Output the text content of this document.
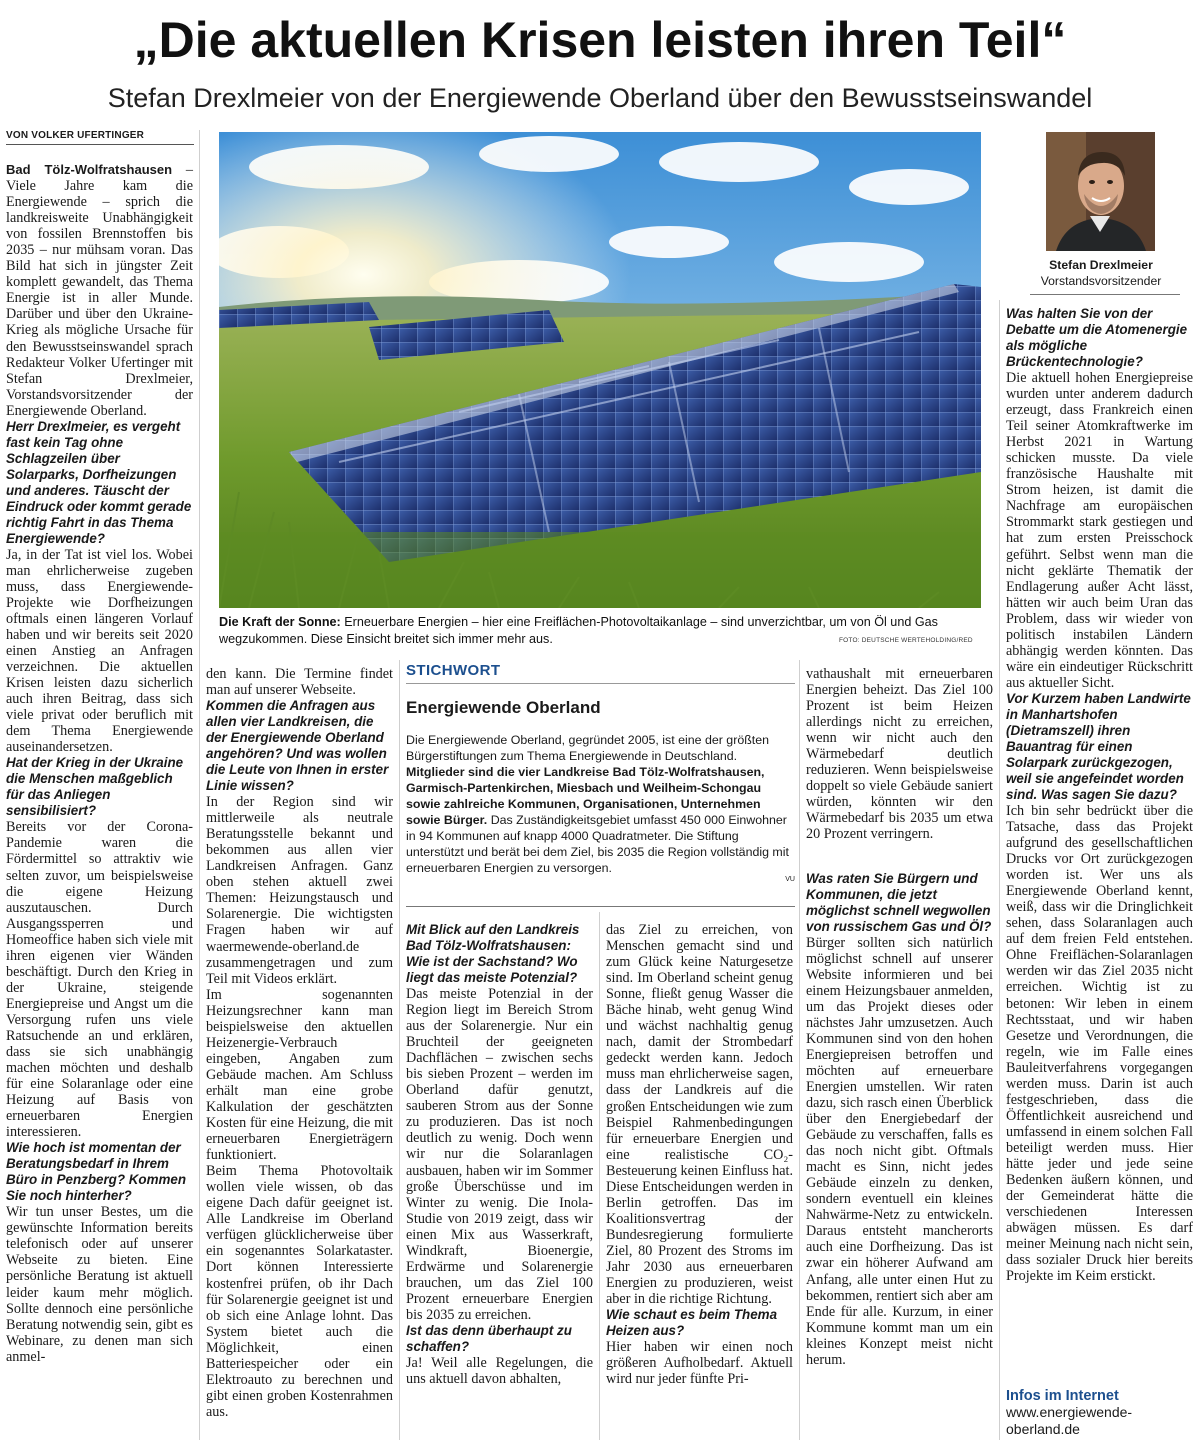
„Die aktuellen Krisen leisten ihren Teil“
Stefan Drexlmeier von der Energiewende Oberland über den Bewusstseinswandel
VON VOLKER UFERTINGER

Bad Tölz-Wolfratshausen – Viele Jahre kam die Energiewende – sprich die landkreisweite Unabhängigkeit von fossilen Brennstoffen bis 2035 – nur mühsam voran. Das Bild hat sich in jüngster Zeit komplett gewandelt, das Thema Energie ist in aller Munde. Darüber und über den Ukraine-Krieg als mögliche Ursache für den Bewusstseinswandel sprach Redakteur Volker Ufertinger mit Stefan Drexlmeier, Vorstandsvorsitzender der Energiewende Oberland.

Herr Drexlmeier, es vergeht fast kein Tag ohne Schlagzeilen über Solarparks, Dorfheizungen und anderes. Täuscht der Eindruck oder kommt gerade richtig Fahrt in das Thema Energiewende?

Ja, in der Tat ist viel los. Wobei man ehrlicherweise zugeben muss, dass Energiewende-Projekte wie Dorfheizungen oftmals einen längeren Vorlauf haben und wir bereits seit 2020 einen Anstieg an Anfragen verzeichnen. Die aktuellen Krisen leisten dazu sicherlich auch ihren Beitrag, dass sich viele privat oder beruflich mit dem Thema Energiewende auseinandersetzen.

Hat der Krieg in der Ukraine die Menschen maßgeblich für das Anliegen sensibilisiert?

Bereits vor der Corona-Pandemie waren die Fördermittel so attraktiv wie selten zuvor, um beispielsweise die eigene Heizung auszutauschen. Durch Ausgangssperren und Homeoffice haben sich viele mit ihren eigenen vier Wänden beschäftigt. Durch den Krieg in der Ukraine, steigende Energiepreise und Angst um die Versorgung rufen uns viele Ratsuchende an und erklären, dass sie sich unabhängig machen möchten und deshalb für eine Solaranlage oder eine Heizung auf Basis von erneuerbaren Energien interessieren.

Wie hoch ist momentan der Beratungsbedarf in Ihrem Büro in Penzberg? Kommen Sie noch hinterher?

Wir tun unser Bestes, um die gewünschte Information bereits telefonisch oder auf unserer Webseite zu bieten. Eine persönliche Beratung ist aktuell leider kaum mehr möglich. Sollte dennoch eine persönliche Beratung notwendig sein, gibt es Webinare, zu denen man sich anmel-

Die Kraft der Sonne: Erneuerbare Energien – hier eine Freiflächen-Photovoltaikanlage – sind unverzichtbar, um von Öl und Gas wegzukommen. Diese Einsicht breitet sich immer mehr aus.	FOTO: DEUTSCHE WERTEHOLDING/RED
Stefan Drexlmeier
Vorstandsvorsitzender

den kann. Die Termine findet man auf unserer Webseite.

Kommen die Anfragen aus allen vier Landkreisen, die der Energiewende Oberland angehören? Und was wollen die Leute von Ihnen in erster Linie wissen?

In der Region sind wir mittlerweile als neutrale Beratungsstelle bekannt und bekommen aus allen vier Landkreisen Anfragen. Ganz oben stehen aktuell zwei Themen: Heizungstausch und Solarenergie. Die wichtigsten Fragen haben wir auf waermewende-oberland.de zusammengetragen und zum Teil mit Videos erklärt.

Im sogenannten Heizungsrechner kann man beispielsweise den aktuellen Heizenergie-Verbrauch eingeben, Angaben zum Gebäude machen. Am Schluss erhält man eine grobe Kalkulation der geschätzten Kosten für eine Heizung, die mit erneuerbaren Energieträgern funktioniert.

Beim Thema Photovoltaik wollen viele wissen, ob das eigene Dach dafür geeignet ist. Alle Landkreise im Oberland verfügen glücklicherweise über ein sogenanntes Solarkataster. Dort können Interessierte kostenfrei prüfen, ob ihr Dach für Solarenergie geeignet ist und ob sich eine Anlage lohnt. Das System bietet auch die Möglichkeit, einen Batteriespeicher oder ein Elektroauto zu berechnen und gibt einen groben Kostenrahmen aus.

STICHWORT
Energiewende Oberland
Die Energiewende Oberland, gegründet 2005, ist eine der größten Bürgerstiftungen zum Thema Energiewende in Deutschland. Mitglieder sind die vier Landkreise Bad Tölz-Wolfratshausen, Garmisch-Partenkirchen, Miesbach und Weilheim-Schongau sowie zahlreiche Kommunen, Organisationen, Unternehmen sowie Bürger. Das Zuständigkeitsgebiet umfasst 450 000 Einwohner in 94 Kommunen auf knapp 4000 Quadratmeter. Die Stiftung unterstützt und berät bei dem Ziel, bis 2035 die Region vollständig mit erneuerbaren Energien zu versorgen.
VU

Mit Blick auf den Landkreis Bad Tölz-Wolfratshausen: Wie ist der Sachstand? Wo liegt das meiste Potenzial?

Das meiste Potenzial in der Region liegt im Bereich Strom aus der Solarenergie. Nur ein Bruchteil der geeigneten Dachflächen – zwischen sechs bis sieben Prozent – werden im Oberland dafür genutzt, sauberen Strom aus der Sonne zu produzieren. Das ist noch deutlich zu wenig. Doch wenn wir nur die Solaranlagen ausbauen, haben wir im Sommer große Überschüsse und im Winter zu wenig. Die Inola-Studie von 2019 zeigt, dass wir einen Mix aus Wasserkraft, Windkraft, Bioenergie, Erdwärme und Solarenergie brauchen, um das Ziel 100 Prozent erneuerbare Energien bis 2035 zu erreichen.

Ist das denn überhaupt zu schaffen?

Ja! Weil alle Regelungen, die uns aktuell davon abhalten,

das Ziel zu erreichen, von Menschen gemacht sind und zum Glück keine Naturgesetze sind. Im Oberland scheint genug Sonne, fließt genug Wasser die Bäche hinab, weht genug Wind und wächst nachhaltig genug nach, damit der Strombedarf gedeckt werden kann. Jedoch muss man ehrlicherweise sagen, dass der Landkreis auf die großen Entscheidungen wie zum Beispiel Rahmenbedingungen für erneuerbare Energien und eine realistische CO₂-Besteuerung keinen Einfluss hat. Diese Entscheidungen werden in Berlin getroffen. Das im Koalitionsvertrag der Bundesregierung formulierte Ziel, 80 Prozent des Stroms im Jahr 2030 aus erneuerbaren Energien zu produzieren, weist aber in die richtige Richtung.

Wie schaut es beim Thema Heizen aus?

Hier haben wir einen noch größeren Aufholbedarf. Aktuell wird nur jeder fünfte Pri-

vathaushalt mit erneuerbaren Energien beheizt. Das Ziel 100 Prozent ist beim Heizen allerdings nicht zu erreichen, wenn wir nicht auch den Wärmebedarf deutlich reduzieren. Wenn beispielsweise doppelt so viele Gebäude saniert würden, könnten wir den Wärmebedarf bis 2035 um etwa 20 Prozent verringern.

Was raten Sie Bürgern und Kommunen, die jetzt möglichst schnell wegwollen von russischem Gas und Öl?

Bürger sollten sich natürlich möglichst schnell auf unserer Website informieren und bei einem Heizungsbauer anmelden, um das Projekt dieses oder nächstes Jahr umzusetzen. Auch Kommunen sind von den hohen Energiepreisen betroffen und möchten auf erneuerbare Energien umstellen. Wir raten dazu, sich rasch einen Überblick über den Energiebedarf der Gebäude zu verschaffen, falls es das noch nicht gibt. Oftmals macht es Sinn, nicht jedes Gebäude einzeln zu denken, sondern eventuell ein kleines Nahwärme-Netz zu entwickeln. Daraus entsteht mancherorts auch eine Dorfheizung. Das ist zwar ein höherer Aufwand am Anfang, alle unter einen Hut zu bekommen, rentiert sich aber am Ende für alle. Kurzum, in einer Kommune kommt man um ein kleines Konzept meist nicht herum.

Was halten Sie von der Debatte um die Atomenergie als mögliche Brückentechnologie?

Die aktuell hohen Energiepreise wurden unter anderem dadurch erzeugt, dass Frankreich einen Teil seiner Atomkraftwerke im Herbst 2021 in Wartung schicken musste. Da viele französische Haushalte mit Strom heizen, ist damit die Nachfrage am europäischen Strommarkt stark gestiegen und hat zum ersten Preisschock geführt. Selbst wenn man die nicht geklärte Thematik der Endlagerung außer Acht lässt, hätten wir auch beim Uran das Problem, dass wir wieder von politisch instabilen Ländern abhängig werden könnten. Das wäre ein eindeutiger Rückschritt aus aktueller Sicht.

Vor Kurzem haben Landwirte in Manhartshofen (Dietramszell) ihren Bauantrag für einen Solarpark zurückgezogen, weil sie angefeindet worden sind. Was sagen Sie dazu?

Ich bin sehr bedrückt über die Tatsache, dass das Projekt aufgrund des gesellschaftlichen Drucks vor Ort zurückgezogen worden ist. Wer uns als Energiewende Oberland kennt, weiß, dass wir die Dringlichkeit sehen, dass Solaranlagen auch auf dem freien Feld entstehen. Ohne Freiflächen-Solaranlagen werden wir das Ziel 2035 nicht erreichen. Wichtig ist zu betonen: Wir leben in einem Rechtsstaat, und wir haben Gesetze und Verordnungen, die regeln, wie im Falle eines Bauleitverfahrens vorgegangen werden muss. Darin ist auch festgeschrieben, dass die Öffentlichkeit ausreichend und umfassend in einem solchen Fall beteiligt werden muss. Hier hätte jeder und jede seine Bedenken äußern können, und der Gemeinderat hätte die verschiedenen Interessen abwägen müssen. Es darf meiner Meinung nach nicht sein, dass sozialer Druck hier bereits Projekte im Keim erstickt.

Infos im Internet
www.energiewende-
oberland.de
